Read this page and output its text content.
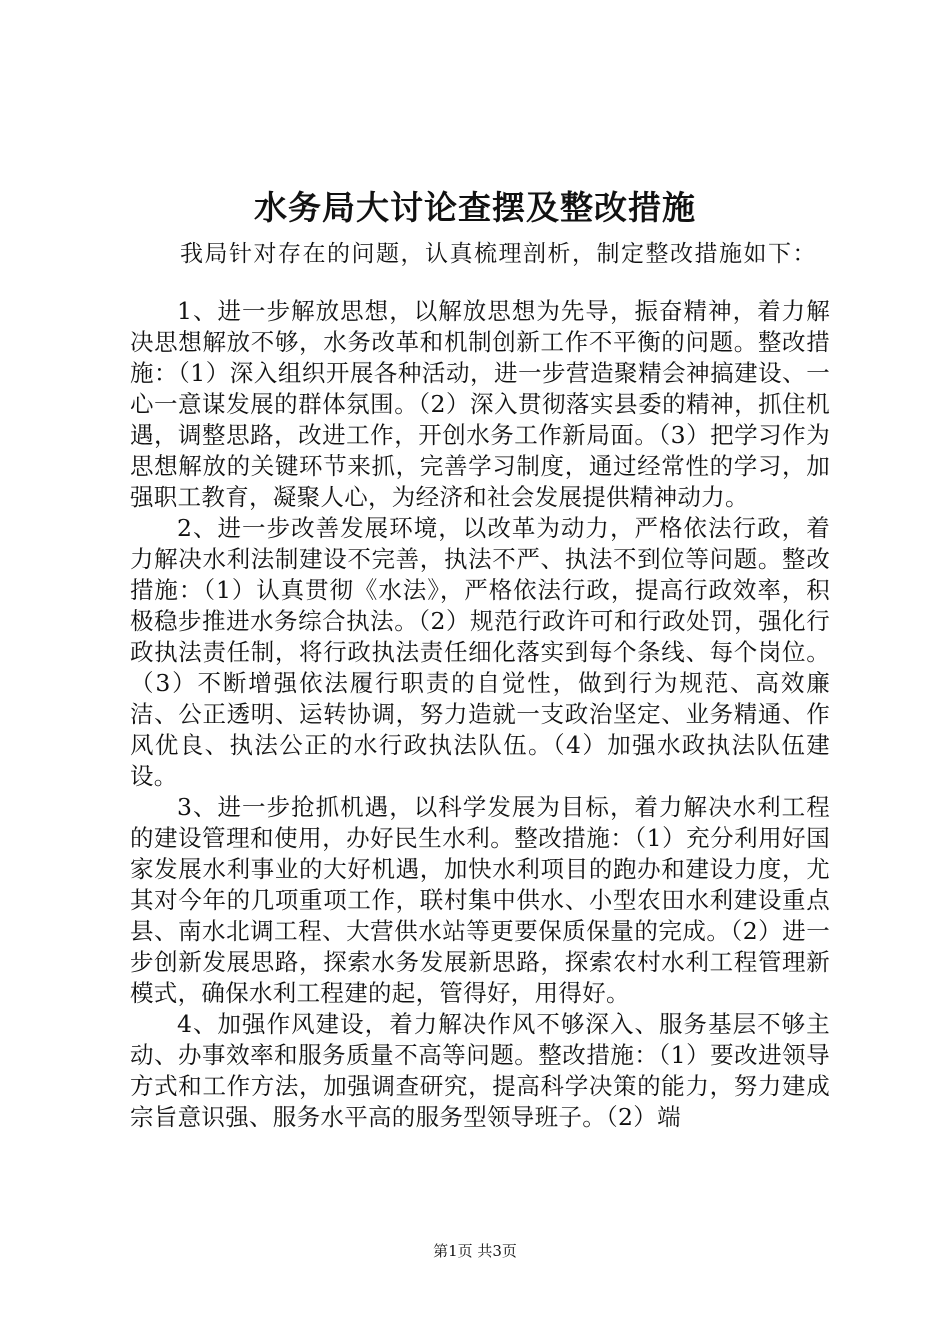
水务局大讨论查摆及整改措施

我局针对存在的问题，认真梳理剖析，制定整改措施如下：

1、进一步解放思想，以解放思想为先导，振奋精神，着力解决思想解放不够，水务改革和机制创新工作不平衡的问题。整改措施：（1）深入组织开展各种活动，进一步营造聚精会神搞建设、一心一意谋发展的群体氛围。（2）深入贯彻落实县委的精神，抓住机遇，调整思路，改进工作，开创水务工作新局面。（3）把学习作为思想解放的关键环节来抓，完善学习制度，通过经常性的学习，加强职工教育，凝聚人心，为经济和社会发展提供精神动力。

2、进一步改善发展环境，以改革为动力，严格依法行政，着力解决水利法制建设不完善，执法不严、执法不到位等问题。整改措施：（1）认真贯彻《水法》，严格依法行政，提高行政效率，积极稳步推进水务综合执法。（2）规范行政许可和行政处罚，强化行政执法责任制，将行政执法责任细化落实到每个条线、每个岗位。（3）不断增强依法履行职责的自觉性，做到行为规范、高效廉洁、公正透明、运转协调，努力造就一支政治坚定、业务精通、作风优良、执法公正的水行政执法队伍。（4）加强水政执法队伍建设。

3、进一步抢抓机遇，以科学发展为目标，着力解决水利工程的建设管理和使用，办好民生水利。整改措施：（1）充分利用好国家发展水利事业的大好机遇，加快水利项目的跑办和建设力度，尤其对今年的几项重项工作，联村集中供水、小型农田水利建设重点县、南水北调工程、大营供水站等更要保质保量的完成。（2）进一步创新发展思路，探索水务发展新思路，探索农村水利工程管理新模式，确保水利工程建的起，管得好，用得好。

4、加强作风建设，着力解决作风不够深入、服务基层不够主动、办事效率和服务质量不高等问题。整改措施：（1）要改进领导方式和工作方法，加强调查研究，提高科学决策的能力，努力建成宗旨意识强、服务水平高的服务型领导班子。（2）端

第1页 共3页
